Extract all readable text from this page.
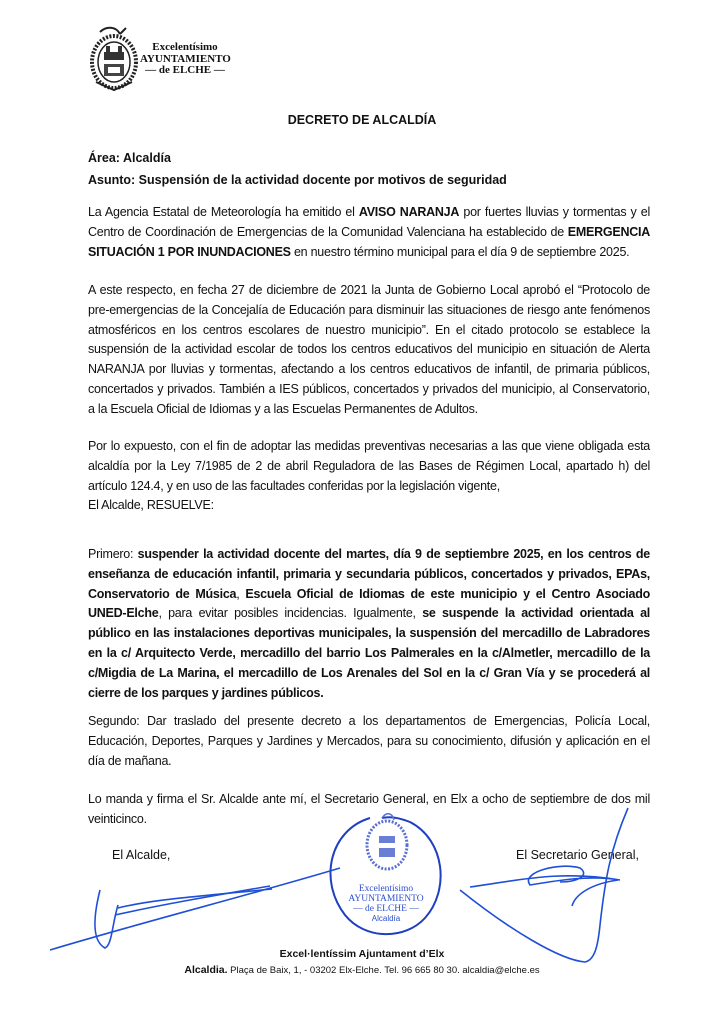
Excelentísimo
AYUNTAMIENTO
— de ELCHE —
DECRETO DE ALCALDÍA
Área: Alcaldía
Asunto: Suspensión de la actividad docente por motivos de seguridad
La Agencia Estatal de Meteorología ha emitido el AVISO NARANJA por fuertes lluvias y tormentas y el Centro de Coordinación de Emergencias de la Comunidad Valenciana ha establecido de EMERGENCIA SITUACIÓN 1 POR INUNDACIONES en nuestro término municipal para el día 9 de septiembre 2025.
A este respecto, en fecha 27 de diciembre de 2021 la Junta de Gobierno Local aprobó el “Protocolo de pre-emergencias de la Concejalía de Educación para disminuir las situaciones de riesgo ante fenómenos atmosféricos en los centros escolares de nuestro municipio”. En el citado protocolo se establece la suspensión de la actividad escolar de todos los centros educativos del municipio en situación de Alerta NARANJA por lluvias y tormentas, afectando a los centros educativos de infantil, de primaria públicos, concertados y privados. También a IES públicos, concertados y privados del municipio, al Conservatorio, a la Escuela Oficial de Idiomas y a las Escuelas Permanentes de Adultos.
Por lo expuesto, con el fin de adoptar las medidas preventivas necesarias a las que viene obligada esta alcaldía por la Ley 7/1985 de 2 de abril Reguladora de las Bases de Régimen Local, apartado h) del artículo 124.4, y en uso de las facultades conferidas por la legislación vigente,
El Alcalde, RESUELVE:
Primero: suspender la actividad docente del martes, día 9 de septiembre 2025, en los centros de enseñanza de educación infantil, primaria y secundaria públicos, concertados y privados, EPAs, Conservatorio de Música, Escuela Oficial de Idiomas de este municipio y el Centro Asociado UNED-Elche, para evitar posibles incidencias. Igualmente, se suspende la actividad orientada al público en las instalaciones deportivas municipales, la suspensión del mercadillo de Labradores en la c/ Arquitecto Verde, mercadillo del barrio Los Palmerales en la c/Almetler, mercadillo de la c/Migdia de La Marina, el mercadillo de Los Arenales del Sol en la c/ Gran Vía y se procederá al cierre de los parques y jardines públicos.
Segundo: Dar traslado del presente decreto a los departamentos de Emergencias, Policía Local, Educación, Deportes, Parques y Jardines y Mercados, para su conocimiento, difusión y aplicación en el día de mañana.
Lo manda y firma el Sr. Alcalde ante mí, el Secretario General, en Elx a ocho de septiembre de dos mil veinticinco.
El Alcalde,	El Secretario General,
Excelentísimo
AYUNTAMIENTO
— de ELCHE —
Alcaldía
Excel·lentíssim Ajuntament d’Elx
Alcaldia. Plaça de Baix, 1, - 03202 Elx-Elche. Tel. 96 665 80 30. alcaldia@elche.es
